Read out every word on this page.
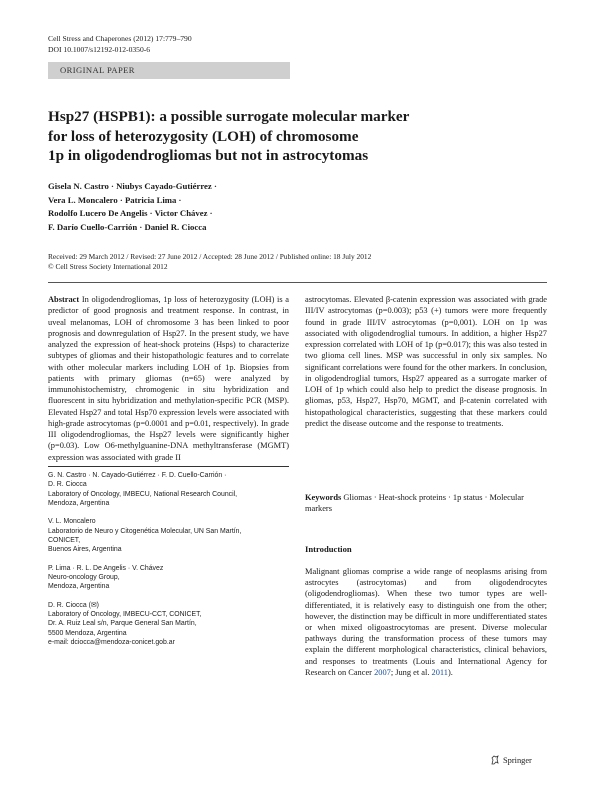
Cell Stress and Chaperones (2012) 17:779–790
DOI 10.1007/s12192-012-0350-6
ORIGINAL PAPER
Hsp27 (HSPB1): a possible surrogate molecular marker
for loss of heterozygosity (LOH) of chromosome
1p in oligodendrogliomas but not in astrocytomas
Gisela N. Castro · Niubys Cayado-Gutiérrez ·
Vera L. Moncalero · Patricia Lima ·
Rodolfo Lucero De Angelis · Victor Chávez ·
F. Darío Cuello-Carrión · Daniel R. Ciocca
Received: 29 March 2012 / Revised: 27 June 2012 / Accepted: 28 June 2012 / Published online: 18 July 2012
© Cell Stress Society International 2012
Abstract In oligodendrogliomas, 1p loss of heterozygosity (LOH) is a predictor of good prognosis and treatment response. In contrast, in uveal melanomas, LOH of chromosome 3 has been linked to poor prognosis and downregulation of Hsp27. In the present study, we have analyzed the expression of heat-shock proteins (Hsps) to characterize subtypes of gliomas and their histopathologic features and to correlate with other molecular markers including LOH of 1p. Biopsies from patients with primary gliomas (n=65) were analyzed by immunohistochemistry, chromogenic in situ hybridization and fluorescent in situ hybridization and methylation-specific PCR (MSP). Elevated Hsp27 and total Hsp70 expression levels were associated with high-grade astrocytomas (p=0.0001 and p=0.01, respectively). In grade III oligodendrogliomas, the Hsp27 levels were significantly higher (p=0.03). Low O6-methylguanine-DNA methyltransferase (MGMT) expression was associated with grade II
astrocytomas. Elevated β-catenin expression was associated with grade III/IV astrocytomas (p=0.003); p53 (+) tumors were more frequently found in grade III/IV astrocytomas (p=0,001). LOH on 1p was associated with oligodendroglial tumours. In addition, a higher Hsp27 expression correlated with LOH of 1p (p=0.017); this was also tested in two glioma cell lines. MSP was successful in only six samples. No significant correlations were found for the other markers. In conclusion, in oligodendroglial tumors, Hsp27 appeared as a surrogate marker of LOH of 1p which could also help to predict the disease prognosis. In gliomas, p53, Hsp27, Hsp70, MGMT, and β-catenin correlated with histopathological characteristics, suggesting that these markers could predict the disease outcome and the response to treatments.
Keywords Gliomas · Heat-shock proteins · 1p status · Molecular markers
G. N. Castro · N. Cayado-Gutiérrez · F. D. Cuello-Carrión ·
D. R. Ciocca
Laboratory of Oncology, IMBECU, National Research Council,
Mendoza, Argentina
V. L. Moncalero
Laboratorio de Neuro y Citogenética Molecular, UN San Martín,
CONICET,
Buenos Aires, Argentina
P. Lima · R. L. De Angelis · V. Chávez
Neuro-oncology Group,
Mendoza, Argentina
D. R. Ciocca (✉)
Laboratory of Oncology, IMBECU-CCT, CONICET,
Dr. A. Ruiz Leal s/n, Parque General San Martín,
5500 Mendoza, Argentina
e-mail: dciocca@mendoza-conicet.gob.ar
Introduction
Malignant gliomas comprise a wide range of neoplasms arising from astrocytes (astrocytomas) and from oligodendrocytes (oligodendrogliomas). When these two tumor types are well-differentiated, it is relatively easy to distinguish one from the other; however, the distinction may be difficult in more undifferentiated states or when mixed oligoastrocytomas are present. Diverse molecular pathways during the transformation process of these tumors may explain the different morphological characteristics, clinical behaviors, and responses to treatments (Louis and International Agency for Research on Cancer 2007; Jung et al. 2011).
Springer
